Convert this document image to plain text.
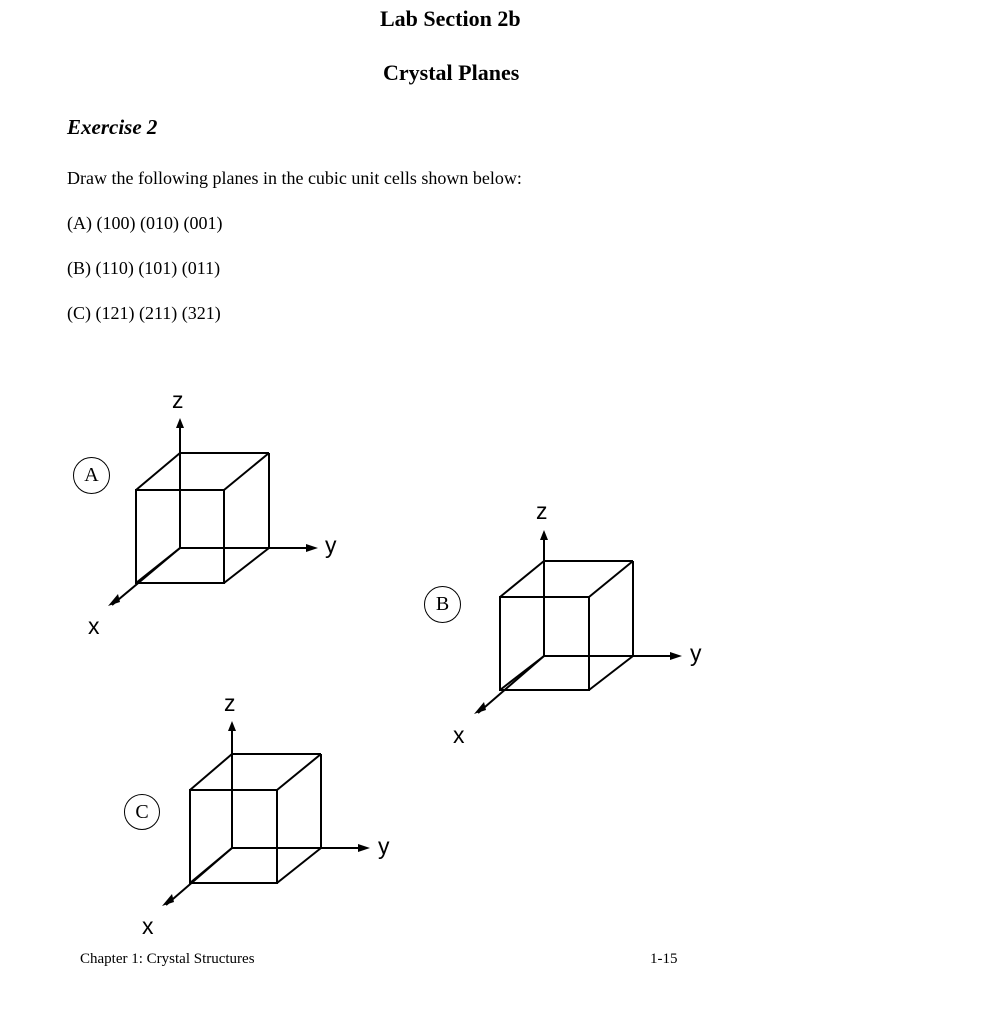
Lab Section 2b
Crystal Planes
Exercise 2
Draw the following planes in the cubic unit cells shown below:
(A) (100) (010) (001)
(B) (110) (101) (011)
(C) (121) (211) (321)
z
y
x
A
z
y
x
B
z
y
x
C
Chapter 1: Crystal Structures	1-15
